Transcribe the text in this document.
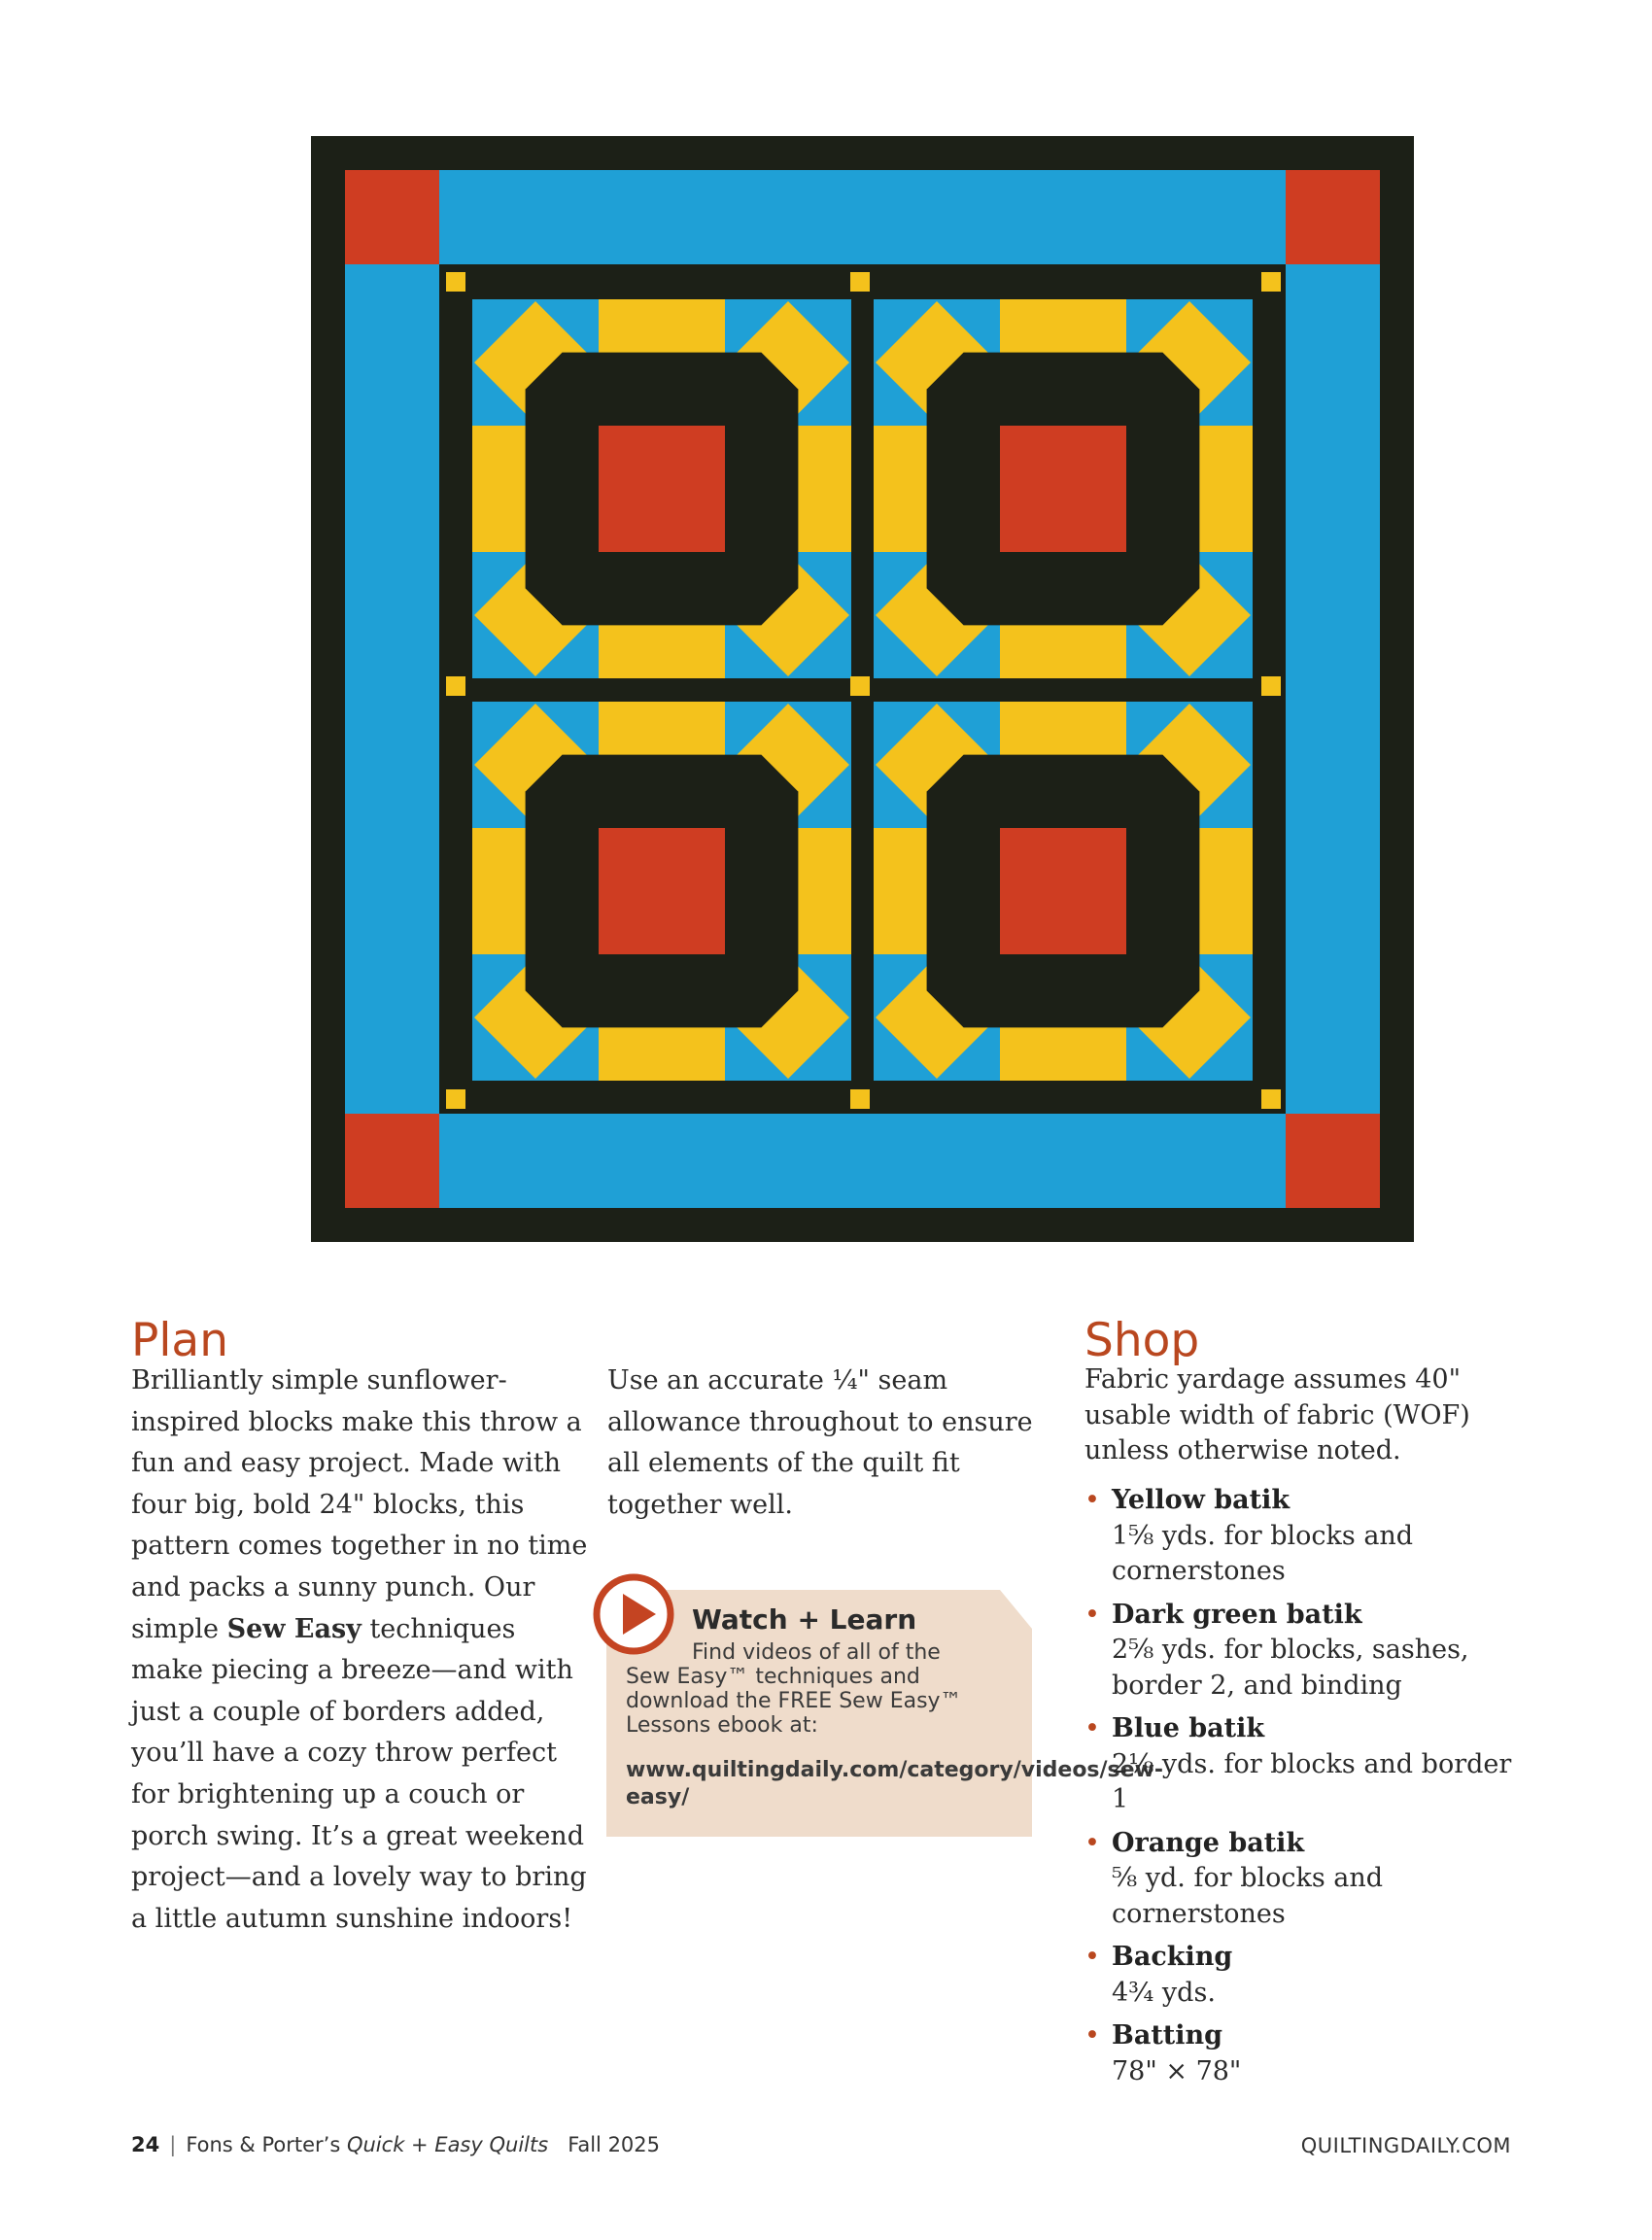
Plan
Brilliantly simple sunflower-inspired blocks make this throw a fun and easy project. Made with four big, bold 24" blocks, this pattern comes together in no time and packs a sunny punch. Our simple Sew Easy techniques make piecing a breeze—and with just a couple of borders added, you’ll have a cozy throw perfect for brightening up a couch or porch swing. It’s a great weekend project—and a lovely way to bring a little autumn sunshine indoors!
Use an accurate ¼" seam allowance throughout to ensure all elements of the quilt fit together well.
Watch + Learn
Find videos of all of the
Sew Easy™ techniques and download the FREE Sew Easy™ Lessons ebook at:
www.quiltingdaily.com/category/videos/sew-easy/
Shop
Fabric yardage assumes 40" usable width of fabric (WOF) unless otherwise noted.
• Yellow batik
1⅝ yds. for blocks and cornerstones
• Dark green batik
2⅝ yds. for blocks, sashes, border 2, and binding
• Blue batik
2⅛ yds. for blocks and border 1
• Orange batik
⅝ yd. for blocks and cornerstones
• Backing
4¾ yds.
• Batting
78" × 78"
24 | Fons & Porter’s Quick + Easy Quilts Fall 2025	QUILTINGDAILY.COM
